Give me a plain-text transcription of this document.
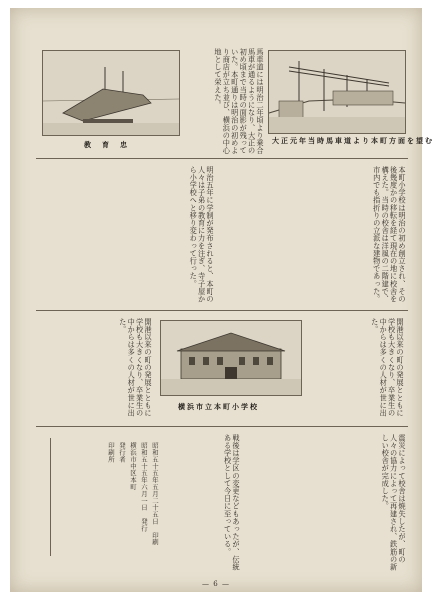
大正元年当時馬車道より本町方面を望む
教　育　忠	馬車道には明治二年頃より乗合馬車が通るようになり、大正の初め頃まで当時の面影が残っていた。本町通りは明治の初めより商店が立ち並び、横浜の中心地として栄えた。
本町小学校は明治の初め創立され、その後幾度かの移転を経て現在の地に校舎を構えた。当時の校舎は洋風の二階建で、市内でも指折りの立派な建物であった。
明治五年に学制が発布されると、本町の人々は子弟の教育に力を注ぎ、寺子屋から小学校へと移り変わって行った。
横浜市立本町小学校	開港以来の町の発展とともに学校も大きくなり、卒業生の中からは多くの人材が世に出た。
開港以来の町の発展とともに学校も大きくなり、卒業生の中からは多くの人材が世に出た。
震災によって校舎は焼失したが、町の人々の協力によって再建され、鉄筋の新しい校舎が完成した。
戦後は学区の変更などもあったが、伝統ある学校として今日に至っている。
昭和五十五年五月二十五日　印刷
昭和五十五年六月一日　発行
横浜市中区本町
発行者
印刷所
— 6 —
